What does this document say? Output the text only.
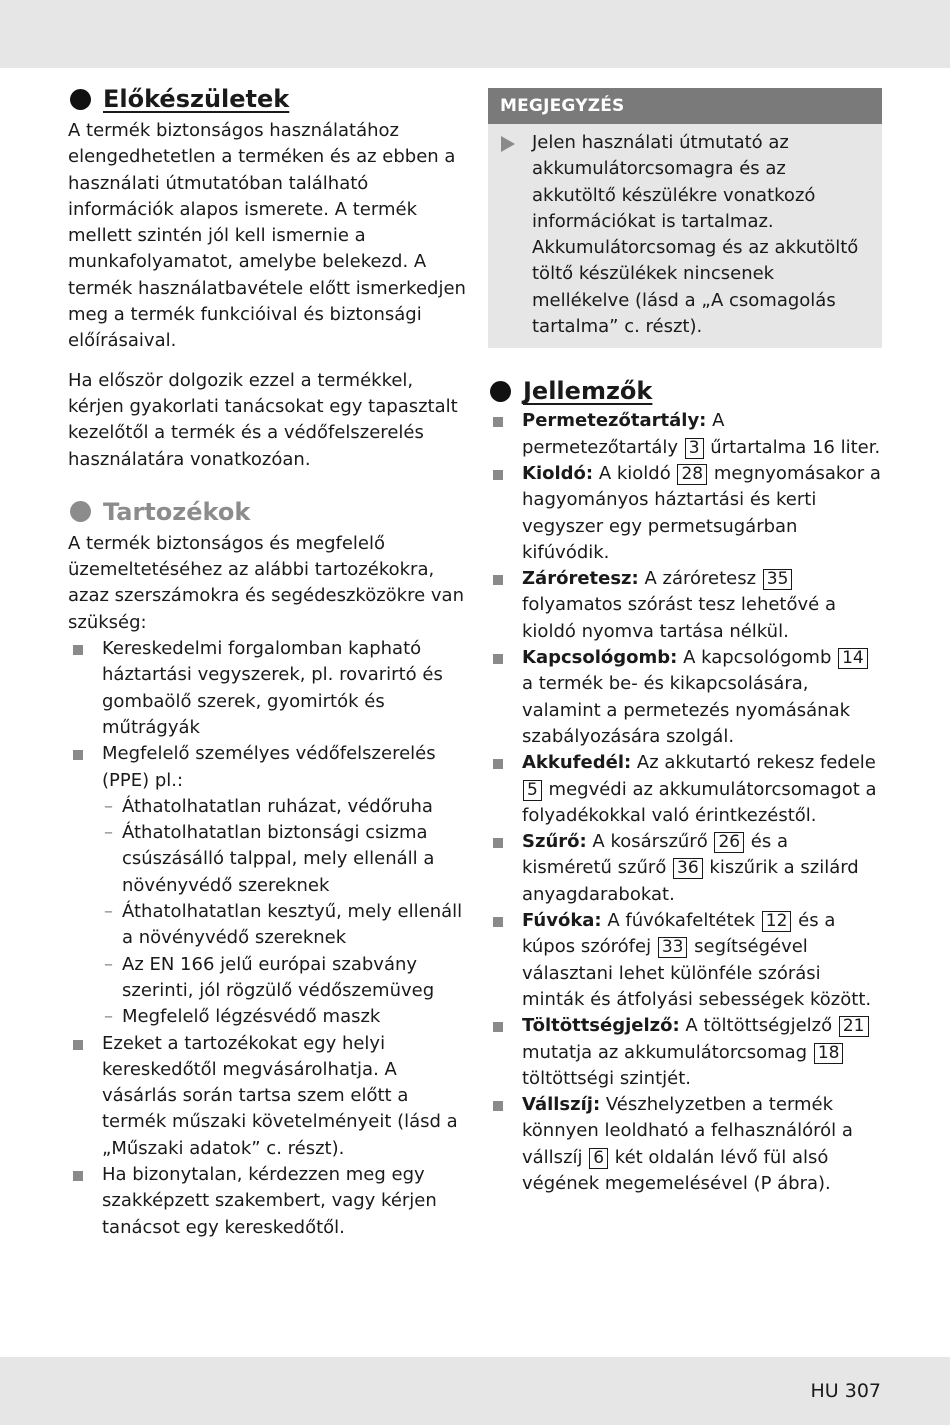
Előkészületek

A termék biztonságos használatához elengedhetetlen a terméken és az ebben a használati útmutatóban található információk alapos ismerete. A termék mellett szintén jól kell ismernie a munkafolyamatot, amelybe belekezd. A termék használatbavétele előtt ismerkedjen meg a termék funkcióival és biztonsági előírásaival.

Ha először dolgozik ezzel a termékkel, kérjen gyakorlati tanácsokat egy tapasztalt kezelőtől a termék és a védőfelszerelés használatára vonatkozóan.

Tartozékok

A termék biztonságos és megfelelő üzemeltetéséhez az alábbi tartozékokra, azaz szerszámokra és segédeszközökre van szükség:

Kereskedelmi forgalomban kapható háztartási vegyszerek, pl. rovarirtó és gombaölő szerek, gyomirtók és műtrágyák
Megfelelő személyes védőfelszerelés (PPE) pl.:
– Áthatolhatatlan ruházat, védőruha
– Áthatolhatatlan biztonsági csizma csúszásálló talppal, mely ellenáll a növényvédő szereknek
– Áthatolhatatlan kesztyű, mely ellenáll a növényvédő szereknek
– Az EN 166 jelű európai szabvány szerinti, jól rögzülő védőszemüveg
– Megfelelő légzésvédő maszk
Ezeket a tartozékokat egy helyi kereskedőtől megvásárolhatja. A vásárlás során tartsa szem előtt a termék műszaki követelményeit (lásd a „Műszaki adatok” c. részt).
Ha bizonytalan, kérdezzen meg egy szakképzett szakembert, vagy kérjen tanácsot egy kereskedőtől.
MEGJEGYZÉS

Jelen használati útmutató az akkumulátorcsomagra és az akkutöltő készülékre vonatkozó információkat is tartalmaz. Akkumulátorcsomag és az akkutöltő töltő készülékek nincsenek mellékelve (lásd a „A csomagolás tartalma” c. részt).

Jellemzők
Permetezőtartály: A permetezőtartály 3 űrtartalma 16 liter.
Kioldó: A kioldó 28 megnyomásakor a hagyományos háztartási és kerti vegyszer egy permetsugárban kifúvódik.
Záróretesz: A záróretesz 35 folyamatos szórást tesz lehetővé a kioldó nyomva tartása nélkül.
Kapcsológomb: A kapcsológomb 14 a termék be- és kikapcsolására, valamint a permetezés nyomásának szabályozására szolgál.
Akkufedél: Az akkutartó rekesz fedele 5 megvédi az akkumulátorcsomagot a folyadékokkal való érintkezéstől.
Szűrő: A kosárszűrő 26 és a kisméretű szűrő 36 kiszűrik a szilárd anyagdarabokat.
Fúvóka: A fúvókafeltétek 12 és a kúpos szórófej 33 segítségével választani lehet különféle szórási minták és átfolyási sebességek között.
Töltöttségjelző: A töltöttségjelző 21 mutatja az akkumulátorcsomag 18 töltöttségi szintjét.
Vállszíj: Vészhelyzetben a termék könnyen leoldható a felhasználóról a vállszíj 6 két oldalán lévő fül alsó végének megemelésével (P ábra).
HU 307
